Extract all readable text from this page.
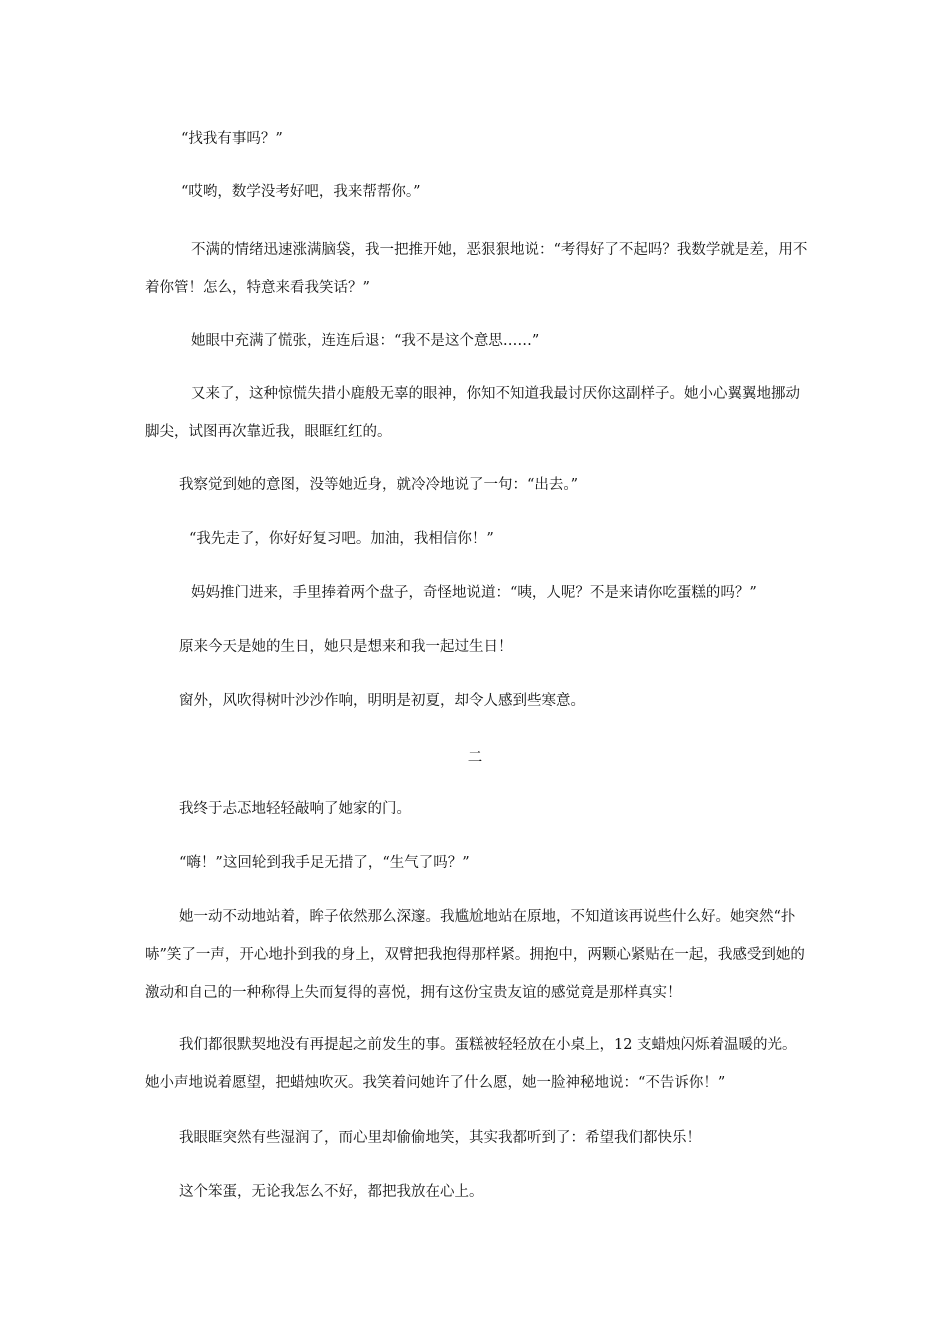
“找我有事吗？”

“哎哟，数学没考好吧，我来帮帮你。”

不满的情绪迅速涨满脑袋，我一把推开她，恶狠狠地说：“考得好了不起吗？我数学就是差，用不着你管！怎么，特意来看我笑话？”

她眼中充满了慌张，连连后退：“我不是这个意思……”

又来了，这种惊慌失措小鹿般无辜的眼神，你知不知道我最讨厌你这副样子。她小心翼翼地挪动脚尖，试图再次靠近我，眼眶红红的。

我察觉到她的意图，没等她近身，就冷冷地说了一句：“出去。”

“我先走了，你好好复习吧。加油，我相信你！”

妈妈推门进来，手里捧着两个盘子，奇怪地说道：“咦，人呢？不是来请你吃蛋糕的吗？”

原来今天是她的生日，她只是想来和我一起过生日！

窗外，风吹得树叶沙沙作响，明明是初夏，却令人感到些寒意。

二

我终于忐忑地轻轻敲响了她家的门。

“嗨！”这回轮到我手足无措了，“生气了吗？”

她一动不动地站着，眸子依然那么深邃。我尴尬地站在原地，不知道该再说些什么好。她突然“扑哧”笑了一声，开心地扑到我的身上，双臂把我抱得那样紧。拥抱中，两颗心紧贴在一起，我感受到她的激动和自己的一种称得上失而复得的喜悦，拥有这份宝贵友谊的感觉竟是那样真实！

我们都很默契地没有再提起之前发生的事。蛋糕被轻轻放在小桌上，12 支蜡烛闪烁着温暖的光。她小声地说着愿望，把蜡烛吹灭。我笑着问她许了什么愿，她一脸神秘地说：“不告诉你！”

我眼眶突然有些湿润了，而心里却偷偷地笑，其实我都听到了：希望我们都快乐！

这个笨蛋，无论我怎么不好，都把我放在心上。
